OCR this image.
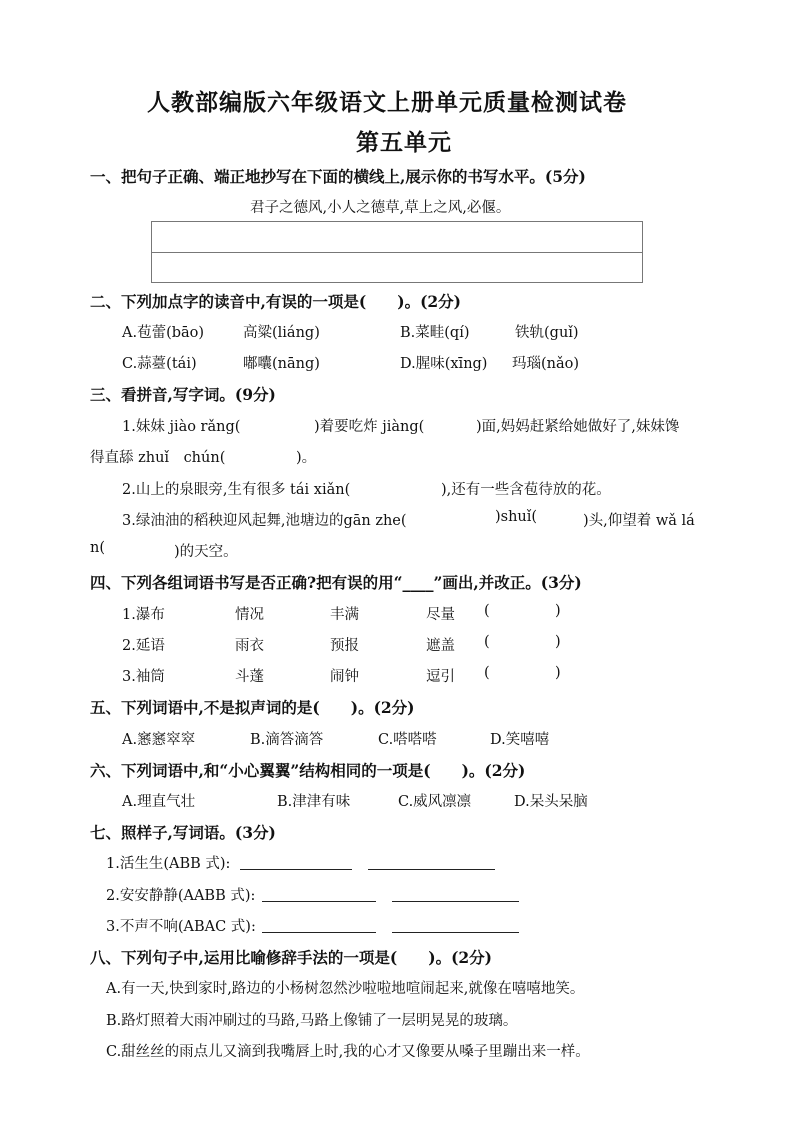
人教部编版六年级语文上册单元质量检测试卷
第五单元
一、把句子正确、端正地抄写在下面的横线上,展示你的书写水平。(5分)
君子之德风,小人之德草,草上之风,必偃。
二、下列加点字的读音中,有误的一项是(　　)。(2分)
A.苞蕾(bāo)	高粱(liáng)	B.菜畦(qí)	铁轨(guǐ)
C.蒜薹(tái)	嘟囔(nāng)	D.腥味(xīng) 玛瑙(nǎo)
三、看拼音,写字词。(9分)
1.妹妹 jiào rǎng(	)着要吃炸 jiàng(	)面,妈妈赶紧给她做好了,妹妹馋
得直舔 zhuǐ　chún(	)。
2.山上的泉眼旁,生有很多 tái xiǎn(	),还有一些含苞待放的花。
3.绿油油的稻秧迎风起舞,池塘边的gān zhe(	)shuǐ(	)头,仰望着 wǎ lá
n(	)的天空。
四、下列各组词语书写是否正确?把有误的用“____”画出,并改正。(3分)
1.瀑布	情况	丰满	尽量 (	)
2.延语	雨衣	预报	遮盖 (	)
3.袖筒	斗蓬	闹钟	逗引 (	)
五、下列词语中,不是拟声词的是(　　)。(2分)
A.窸窸窣窣	B.滴答滴答	C.嗒嗒嗒	D.笑嘻嘻
六、下列词语中,和“小心翼翼”结构相同的一项是(　　)。(2分)
A.理直气壮	B.津津有味	C.威风凛凛	D.呆头呆脑
七、照样子,写词语。(3分)
1.活生生(ABB 式):
2.安安静静(AABB 式):
3.不声不响(ABAC 式):
八、下列句子中,运用比喻修辞手法的一项是(　　)。(2分)
A.有一天,快到家时,路边的小杨树忽然沙啦啦地喧闹起来,就像在嘻嘻地笑。
B.路灯照着大雨冲刷过的马路,马路上像铺了一层明晃晃的玻璃。
C.甜丝丝的雨点儿又滴到我嘴唇上时,我的心才又像要从嗓子里蹦出来一样。
